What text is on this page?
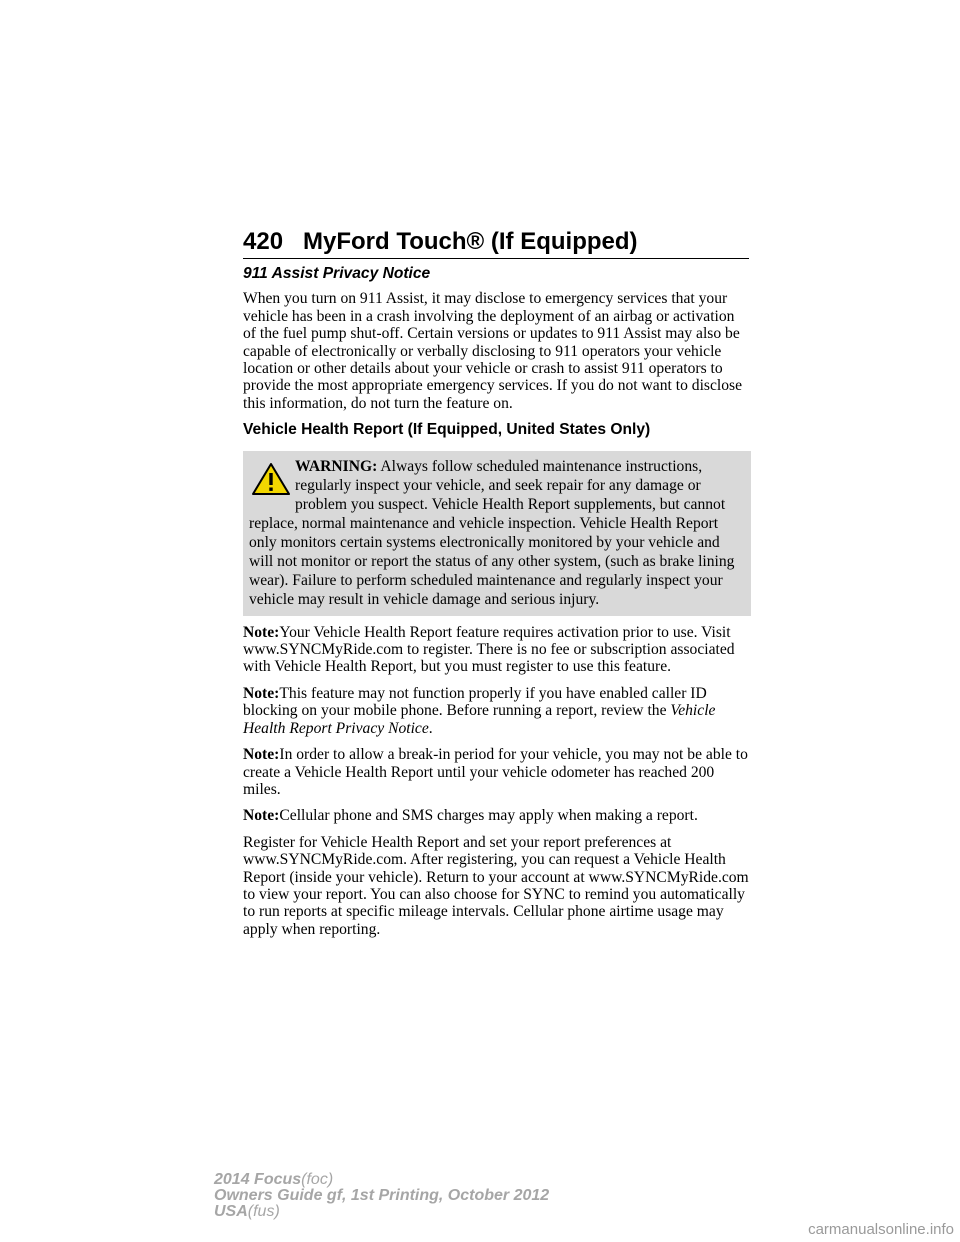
420 MyFord Touch® (If Equipped)
911 Assist Privacy Notice

When you turn on 911 Assist, it may disclose to emergency services that your vehicle has been in a crash involving the deployment of an airbag or activation of the fuel pump shut-off. Certain versions or updates to 911 Assist may also be capable of electronically or verbally disclosing to 911 operators your vehicle location or other details about your vehicle or crash to assist 911 operators to provide the most appropriate emergency services. If you do not want to disclose this information, do not turn the feature on.

Vehicle Health Report (If Equipped, United States Only)
WARNING: Always follow scheduled maintenance instructions, regularly inspect your vehicle, and seek repair for any damage or problem you suspect. Vehicle Health Report supplements, but cannot replace, normal maintenance and vehicle inspection. Vehicle Health Report only monitors certain systems electronically monitored by your vehicle and will not monitor or report the status of any other system, (such as brake lining wear). Failure to perform scheduled maintenance and regularly inspect your vehicle may result in vehicle damage and serious injury.

Note:Your Vehicle Health Report feature requires activation prior to use. Visit www.SYNCMyRide.com to register. There is no fee or subscription associated with Vehicle Health Report, but you must register to use this feature.

Note:This feature may not function properly if you have enabled caller ID blocking on your mobile phone. Before running a report, review the Vehicle Health Report Privacy Notice.

Note:In order to allow a break-in period for your vehicle, you may not be able to create a Vehicle Health Report until your vehicle odometer has reached 200 miles.

Note:Cellular phone and SMS charges may apply when making a report.

Register for Vehicle Health Report and set your report preferences at www.SYNCMyRide.com. After registering, you can request a Vehicle Health Report (inside your vehicle). Return to your account at www.SYNCMyRide.com to view your report. You can also choose for SYNC to remind you automatically to run reports at specific mileage intervals. Cellular phone airtime usage may apply when reporting.

2014 Focus(foc)
Owners Guide gf, 1st Printing, October 2012
USA(fus)
carmanualsonline.info
